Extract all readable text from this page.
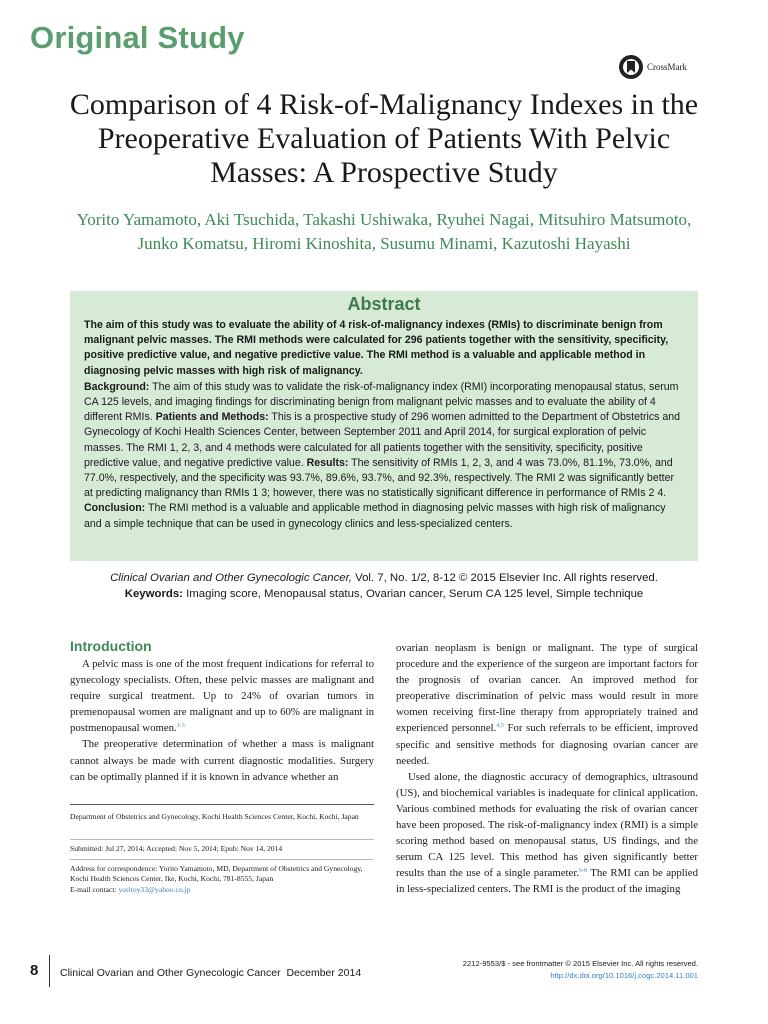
Original Study
CrossMark
Comparison of 4 Risk-of-Malignancy Indexes in the Preoperative Evaluation of Patients With Pelvic Masses: A Prospective Study
Yorito Yamamoto, Aki Tsuchida, Takashi Ushiwaka, Ryuhei Nagai, Mitsuhiro Matsumoto, Junko Komatsu, Hiromi Kinoshita, Susumu Minami, Kazutoshi Hayashi
Abstract
The aim of this study was to evaluate the ability of 4 risk-of-malignancy indexes (RMIs) to discriminate benign from malignant pelvic masses. The RMI methods were calculated for 296 patients together with the sensitivity, specificity, positive predictive value, and negative predictive value. The RMI method is a valuable and applicable method in diagnosing pelvic masses with high risk of malignancy.
Background: The aim of this study was to validate the risk-of-malignancy index (RMI) incorporating menopausal status, serum CA 125 levels, and imaging findings for discriminating benign from malignant pelvic masses and to evaluate the ability of 4 different RMIs. Patients and Methods: This is a prospective study of 296 women admitted to the Department of Obstetrics and Gynecology of Kochi Health Sciences Center, between September 2011 and April 2014, for surgical exploration of pelvic masses. The RMI 1, 2, 3, and 4 methods were calculated for all patients together with the sensitivity, specificity, positive predictive value, and negative predictive value. Results: The sensitivity of RMIs 1, 2, 3, and 4 was 73.0%, 81.1%, 73.0%, and 77.0%, respectively, and the specificity was 93.7%, 89.6%, 93.7%, and 92.3%, respectively. The RMI 2 was significantly better at predicting malignancy than RMIs 1 3; however, there was no statistically significant difference in performance of RMIs 2 4. Conclusion: The RMI method is a valuable and applicable method in diagnosing pelvic masses with high risk of malignancy and a simple technique that can be used in gynecology clinics and less-specialized centers.
Clinical Ovarian and Other Gynecologic Cancer, Vol. 7, No. 1/2, 8-12 © 2015 Elsevier Inc. All rights reserved.
Keywords: Imaging score, Menopausal status, Ovarian cancer, Serum CA 125 level, Simple technique
Introduction

A pelvic mass is one of the most frequent indications for referral to gynecology specialists. Often, these pelvic masses are malignant and require surgical treatment. Up to 24% of ovarian tumors in premenopausal women are malignant and up to 60% are malignant in postmenopausal women.$^{1-3}$

The preoperative determination of whether a mass is malignant cannot always be made with current diagnostic modalities. Surgery can be optimally planned if it is known in advance whether an

Department of Obstetrics and Gynecology, Kochi Health Sciences Center, Kochi, Kochi, Japan
Submitted: Jul 27, 2014; Accepted: Nov 5, 2014; Epub: Nov 14, 2014
Address for correspondence: Yorito Yamamoto, MD, Department of Obstetrics and Gynecology, Kochi Health Sciences Center, Ike, Kochi, Kochi, 781-8555, Japan
E-mail contact: yoritoy33@yahoo.co.jp

ovarian neoplasm is benign or malignant. The type of surgical procedure and the experience of the surgeon are important factors for the prognosis of ovarian cancer. An improved method for preoperative discrimination of pelvic mass would result in more women receiving first-line therapy from appropriately trained and experienced personnel.$^{4,5}$ For such referrals to be efficient, improved specific and sensitive methods for diagnosing ovarian cancer are needed.

Used alone, the diagnostic accuracy of demographics, ultrasound (US), and biochemical variables is inadequate for clinical application. Various combined methods for evaluating the risk of ovarian cancer have been proposed. The risk-of-malignancy index (RMI) is a simple scoring method based on menopausal status, US findings, and the serum CA 125 level. This method has given significantly better results than the use of a single parameter.$^{6-8}$ The RMI can be applied in less-specialized centers. The RMI is the product of the imaging

8 Clinical Ovarian and Other Gynecologic Cancer December 2014
2212-9553/$ - see frontmatter © 2015 Elsevier Inc. All rights reserved.
http://dx.doi.org/10.1016/j.cogc.2014.11.001
